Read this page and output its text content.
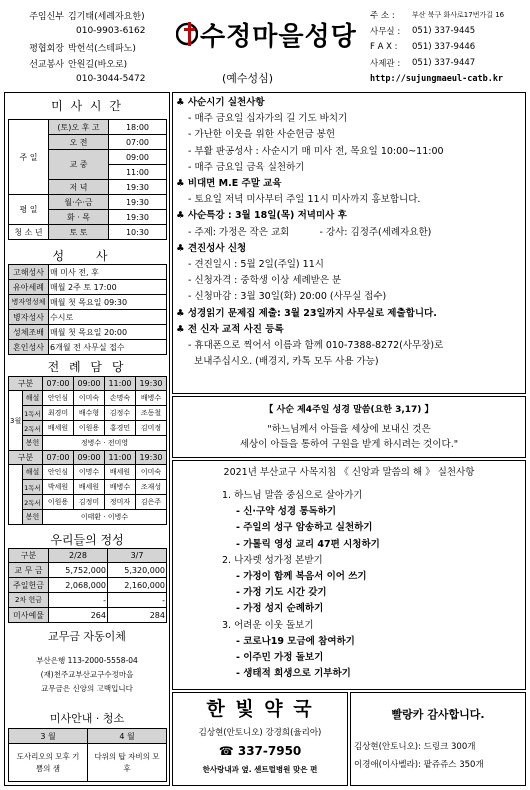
주임신부 김기태(세례자요한)
010-9903-6162
평협회장 박헌석(스테파노)
선교봉사 안원길(바오로)
010-3044-5472
수정마을성당
(예수성심)
주 소 :	부산 북구 화사로17번가길 16
사무실 :	051) 337-9445
F A X :	051) 337-9446
사제관 :	051) 337-9447
http://sujungmaeul-catb.kr
미 사 시 간
주 일	(토)오 후 고	18:00
	오 전	07:00
	교 중	09:00
		11:00
	저 녁	19:30
평 일	월·수·금	19:30
	화 · 목	19:30
청 소 년	토 토	10:30
성 사
고해성사	매 미사 전, 후
유아세례	매월 2주 토 17:00
병자영성체	매월 첫 목요일 09:30
병자성사	수시로
성체조배	매월 첫 목요일 20:00
혼인성사	6개월 전 사무실 접수
전 례 담 당
구분		07:00	09:00	11:00	19:30
3월	해설	안인심	이미숙	손명숙	배병수
	1독서	최경미	배수형	김정수	조동철
	2독서	배세원	이원용	홍경민	김미정
	봉헌	정병수 · 전미영			
구분		07:00	09:00	11:00	19:30
	해설	안인심	이명수	배세원	이미숙
	1독서	박세원	배세원	배병수	조재성
	2독서	이원용	김정미	정미자	김은주
	봉헌	이태환 · 이병수			
우리들의 정성
구분	2/28	3/7
교 무 금	5,752,000	5,320,000
주일헌금	2,068,000	2,160,000
2차 헌금	-	-
미사예물	264	284
교무금 자동이체
부산은행 113-2000-5558-04
(재)천주교부산교구수정마을
교무금은 신앙의 고백입니다
미사안내 · 청소
3 월	4 월
도사리오의 모후 기쁨의 샘	다위의 탑 자비의 모후
♣ 사순시기 실천사항
- 매주 금요일 십자가의 길 기도 바치기
- 가난한 이웃을 위한 사순헌금 봉헌
- 부활 판공성사 : 사순시기 매 미사 전, 목요일 10:00~11:00
- 매주 금요일 금육 실천하기
♣ 비대면 M.E 주말 교육
- 토요일 저녁 미사부터 주일 11시 미사까지 홍보합니다.
♣ 사순특강 : 3월 18일(목) 저녁미사 후
- 주제: 가정은 작은 교회          - 강사: 김정주(세례자요한)
♣ 견진성사 신청
- 견진일시 : 5월 2일(주일) 11시
- 신청자격 : 중학생 이상 세례받은 분
- 신청마감 : 3월 30일(화) 20:00 (사무실 접수)
♣ 성경읽기 문제집 제출: 3월 23일까지 사무실로 제출합니다.
♣ 전 신자 교적 사진 등록
- 휴대폰으로 찍어서 이름과 함께 010-7388-8272(사무장)로
보내주십시오. (배경지, 카톡 모두 사용 가능)
【 사순 제4주일 성경 말씀(요한 3,17) 】
"하느님께서 아들을 세상에 보내신 것은
세상이 아들을 통하여 구원을 받게 하시려는 것이다."
2021년 부산교구 사목지침 《 신앙과 말씀의 해 》 실천사항
1. 하느님 말씀 중심으로 살아가기
- 신·구약 성경 통독하기
- 주일의 성구 암송하고 실천하기
- 가톨릭 영성 교리 47편 시청하기
2. 나자렛 성가정 본받기
- 가정이 함께 복음서 이어 쓰기
- 가정 기도 시간 갖기
- 가정 성지 순례하기
3. 어려운 이웃 돌보기
- 코로나19 모금에 참여하기
- 이주민 가정 돌보기
- 생태적 희생으로 기부하기
한 빛 약 국
김상현(안토니오) 강경희(율리아)
☎ 337-7950
한사랑내과 옆. 센트럴병원 맞은 편
빨랑카 감사합니다.
김상현(안토니오): 드링크 300개
이경애(이사벨라): 팥쥬쥬스 350개
